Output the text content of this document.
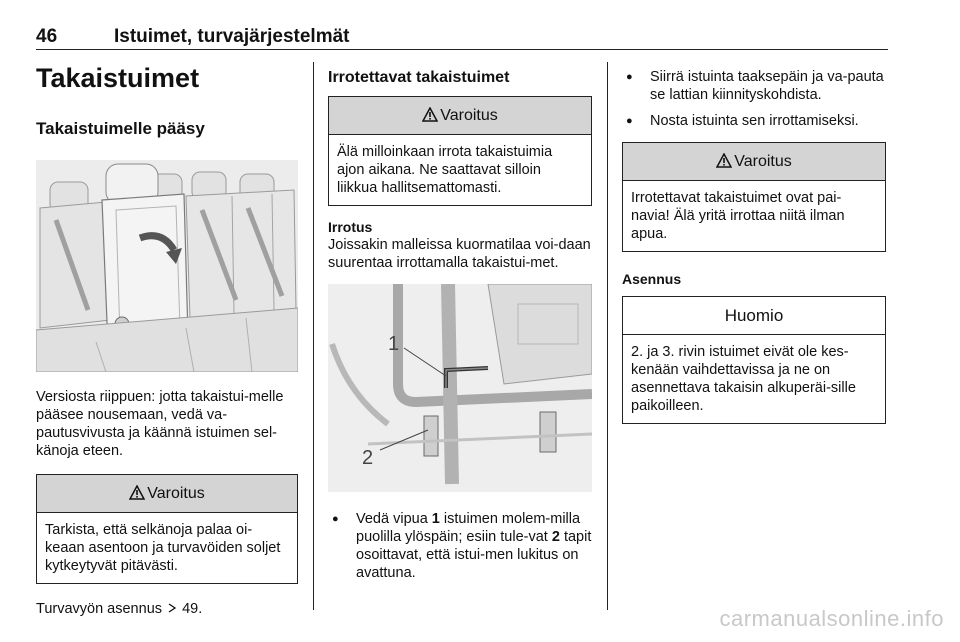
46	Istuimet, turvajärjestelmät
Takaistuimet
Takaistuimelle pääsy

Versiosta riippuen: jotta takaistui-melle pääsee nousemaan, vedä va-pautusvivusta ja käännä istuimen sel-känoja eteen.

Varoitus
Tarkista, että selkänoja palaa oi-keaan asentoon ja turvavöiden soljet kytkeytyvät pitävästi.

Turvavyön asennus 49.

Irrotettavat takaistuimet
Varoitus
Älä milloinkaan irrota takaistuimia ajon aikana. Ne saattavat silloin liikkua hallitsemattomasti.
Irrotus

Joissakin malleissa kuormatilaa voi-daan suurentaa irrottamalla takaistui-met.

1
2
● Vedä vipua 1 istuimen molem-milla puolilla ylöspäin; esiin tule-vat 2 tapit osoittavat, että istui-men lukitus on avattuna.
● Siirrä istuinta taaksepäin ja va-pauta se lattian kiinnityskohdista.
● Nosta istuinta sen irrottamiseksi.
Varoitus
Irrotettavat takaistuimet ovat pai-navia! Älä yritä irrottaa niitä ilman apua.
Asennus
Huomio
2. ja 3. rivin istuimet eivät ole kes-kenään vaihdettavissa ja ne on asennettava takaisin alkuperäi-sille paikoilleen.
carmanualsonline.info
